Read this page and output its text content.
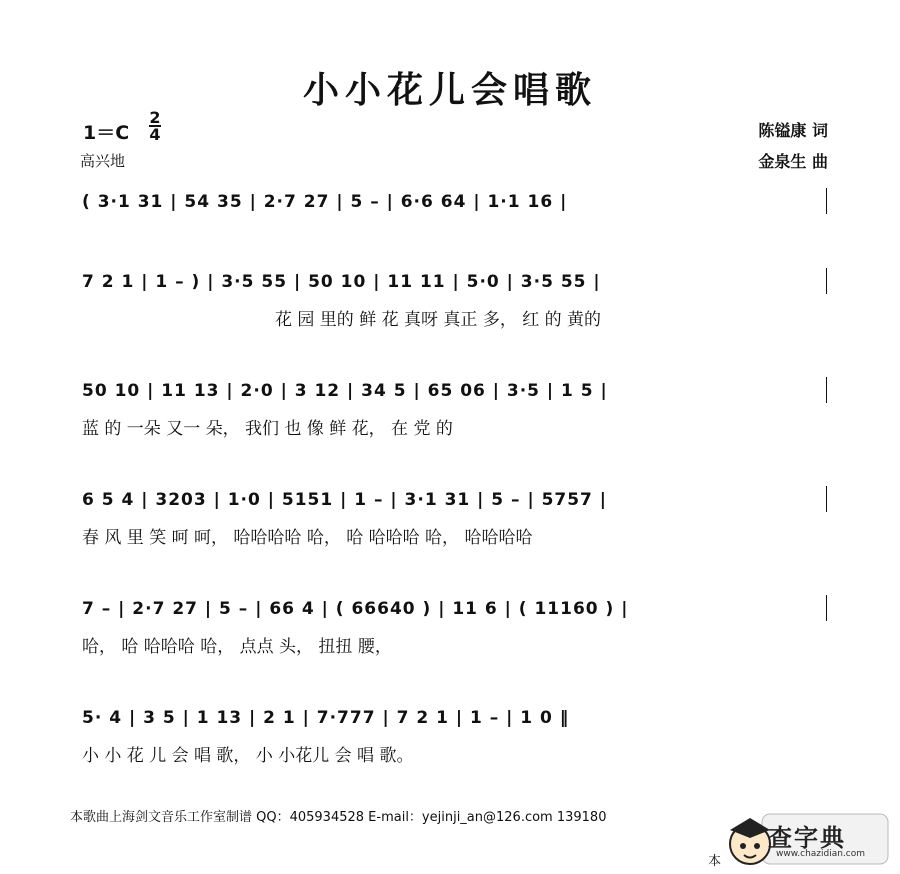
小小花儿会唱歌
1＝C
2
4
高兴地
陈镒康 词
金泉生 曲
( 3·1 31 | 54 35 | 2·7 27 | 5 – | 6·6 64 | 1·1 16 |
7 2 1 | 1 – ) | 3·5 55 | 50 10 | 11 11 | 5·0 | 3·5 55 |
花 园 里的 鲜 花 真呀 真正 多， 红 的 黄的
50 10 | 11 13 | 2·0 | 3 12 | 34 5 | 65 06 | 3·5 | 1 5 |
蓝 的 一朵 又一 朵， 我们 也 像 鲜 花， 在 党 的
6 5 4 | 3203 | 1·0 | 5151 | 1 – | 3·1 31 | 5 – | 5757 |
春 风 里 笑 呵 呵， 哈哈哈哈 哈， 哈 哈哈哈 哈， 哈哈哈哈
7 – | 2·7 27 | 5 – | 66 4 | ( 66640 ) | 11 6 | ( 11160 ) |
哈， 哈 哈哈哈 哈， 点点 头， 扭扭 腰，
5· 4 | 3 5 | 1 13 | 2 1 | 7·777 | 7 2 1 | 1 – | 1 0 ‖
小 小 花 儿 会 唱 歌， 小 小花儿 会 唱 歌。
本歌曲上海剑文音乐工作室制谱 QQ：405934528 E-mail：yejinji_an@126.com 139180
本
查字典
www.chazidian.com
